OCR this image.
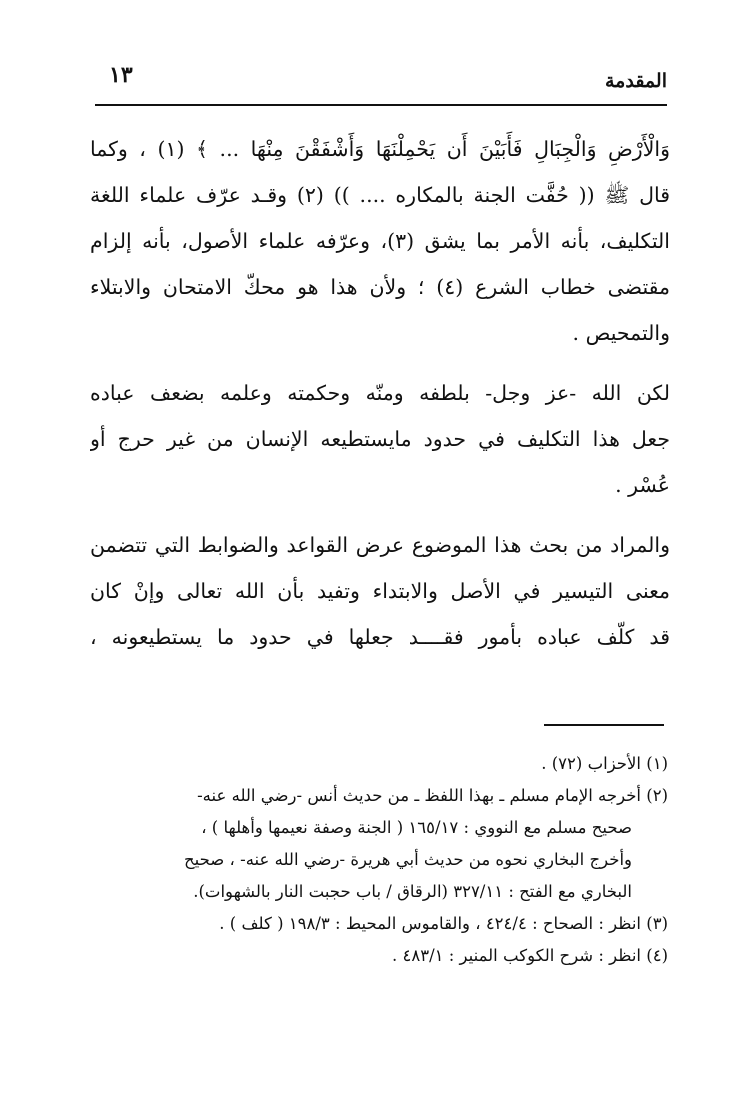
المقدمة
١٣
وَالْأَرْضِ وَالْجِبَالِ فَأَبَيْنَ أَن يَحْمِلْنَهَا وَأَشْفَقْنَ مِنْهَا ... ﴾ (١) ، وكما
قال ﷺ (( حُفَّت الجنة بالمكاره .... )) (٢) وقـد عرّف علماء اللغة
التكليف، بأنه الأمر بما يشق (٣)، وعرّفه علماء الأصول، بأنه إلزام
مقتضى خطاب الشرع (٤) ؛ ولأن هذا هو محكّ الامتحان والابتلاء
والتمحيص .
لكن الله -عز وجل- بلطفه ومنّه وحكمته وعلمه بضعف عباده
جعل هذا التكليف في حدود مايستطيعه الإنسان من غير حرج أو
عُسْر .
والمراد من بحث هذا الموضوع عرض القواعد والضوابط التي تتضمن
معنى التيسير في الأصل والابتداء وتفيد بأن الله تعالى وإنْ كان
قد كلّف عباده بأمور فقــــد جعلها في حدود ما يستطيعونه ،
(١) الأحزاب (٧٢) .
(٢) أخرجه الإمام مسلم ـ بهذا اللفظ ـ من حديث أنس -رضي الله عنه-
صحيح مسلم مع النووي : ١٦٥/١٧ ( الجنة وصفة نعيمها وأهلها ) ،
وأخرج البخاري نحوه من حديث أبي هريرة -رضي الله عنه- ، صحيح
البخاري مع الفتح : ٣٢٧/١١ (الرقاق / باب حجبت النار بالشهوات).
(٣) انظر : الصحاح : ٤٢٤/٤ ، والقاموس المحيط : ١٩٨/٣ ( كلف ) .
(٤) انظر : شرح الكوكب المنير : ٤٨٣/١ .
